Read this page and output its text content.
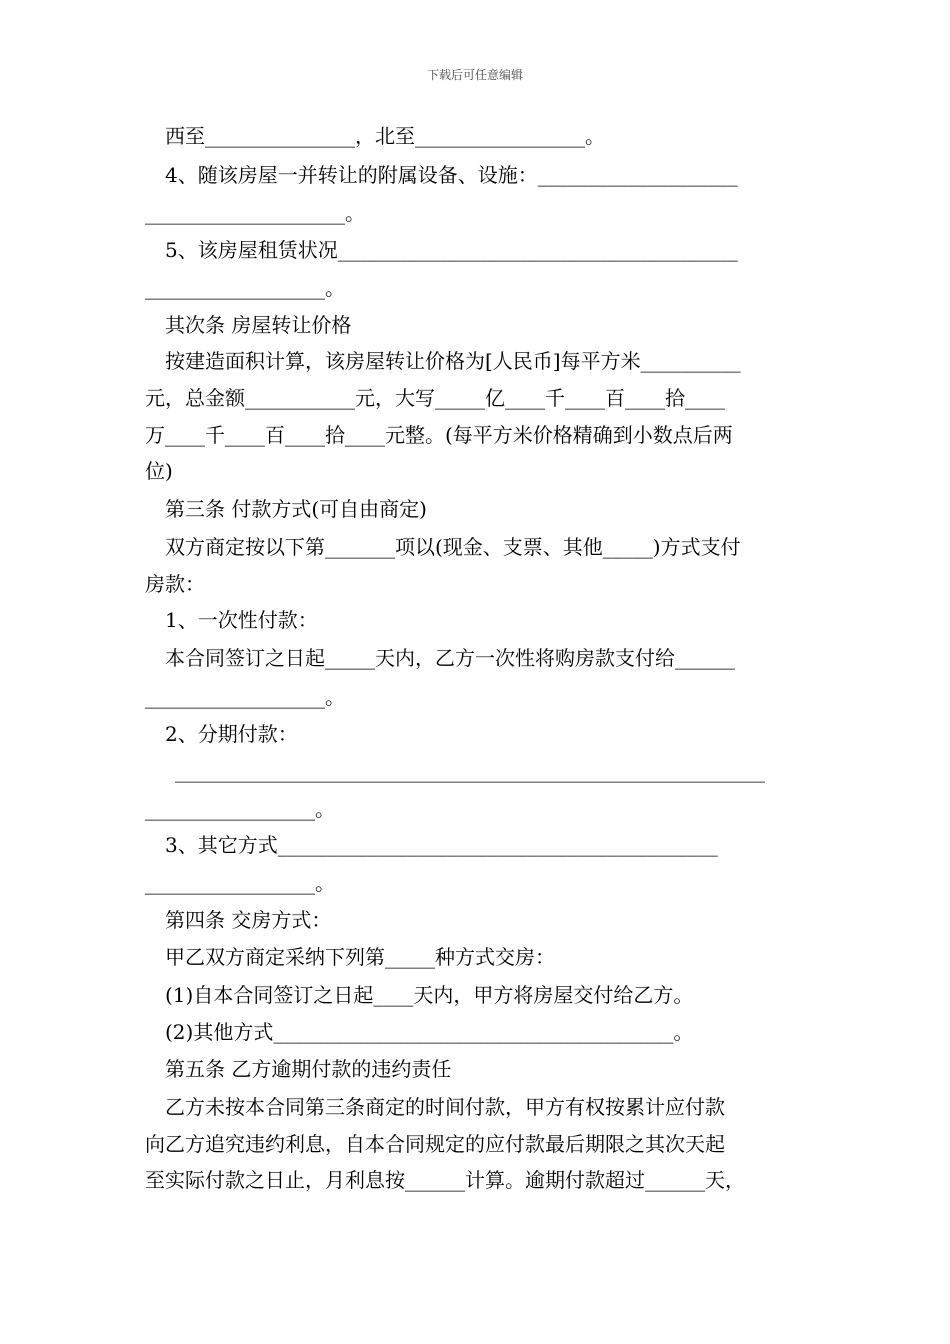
下载后可任意编辑
西至_______________，北至_________________。
4、随该房屋一并转让的附属设备、设施：____________________
____________________。
5、该房屋租赁状况________________________________________
__________________。
其次条 房屋转让价格
按建造面积计算，该房屋转让价格为[人民币]每平方米__________
元，总金额___________元，大写_____亿____千____百____拾____
万____千____百____拾____元整。(每平方米价格精确到小数点后两
位)
第三条 付款方式(可自由商定)
双方商定按以下第_______项以(现金、支票、其他_____)方式支付
房款：
1、一次性付款：
本合同签订之日起_____天内，乙方一次性将购房款支付给______
__________________。
2、分期付款：
___________________________________________________________
_________________。
3、其它方式____________________________________________
_________________。
第四条 交房方式：
甲乙双方商定采纳下列第_____种方式交房：
(1)自本合同签订之日起____天内，甲方将房屋交付给乙方。
(2)其他方式________________________________________。
第五条 乙方逾期付款的违约责任
乙方未按本合同第三条商定的时间付款，甲方有权按累计应付款
向乙方追究违约利息，自本合同规定的应付款最后期限之其次天起
至实际付款之日止，月利息按______计算。逾期付款超过______天，
